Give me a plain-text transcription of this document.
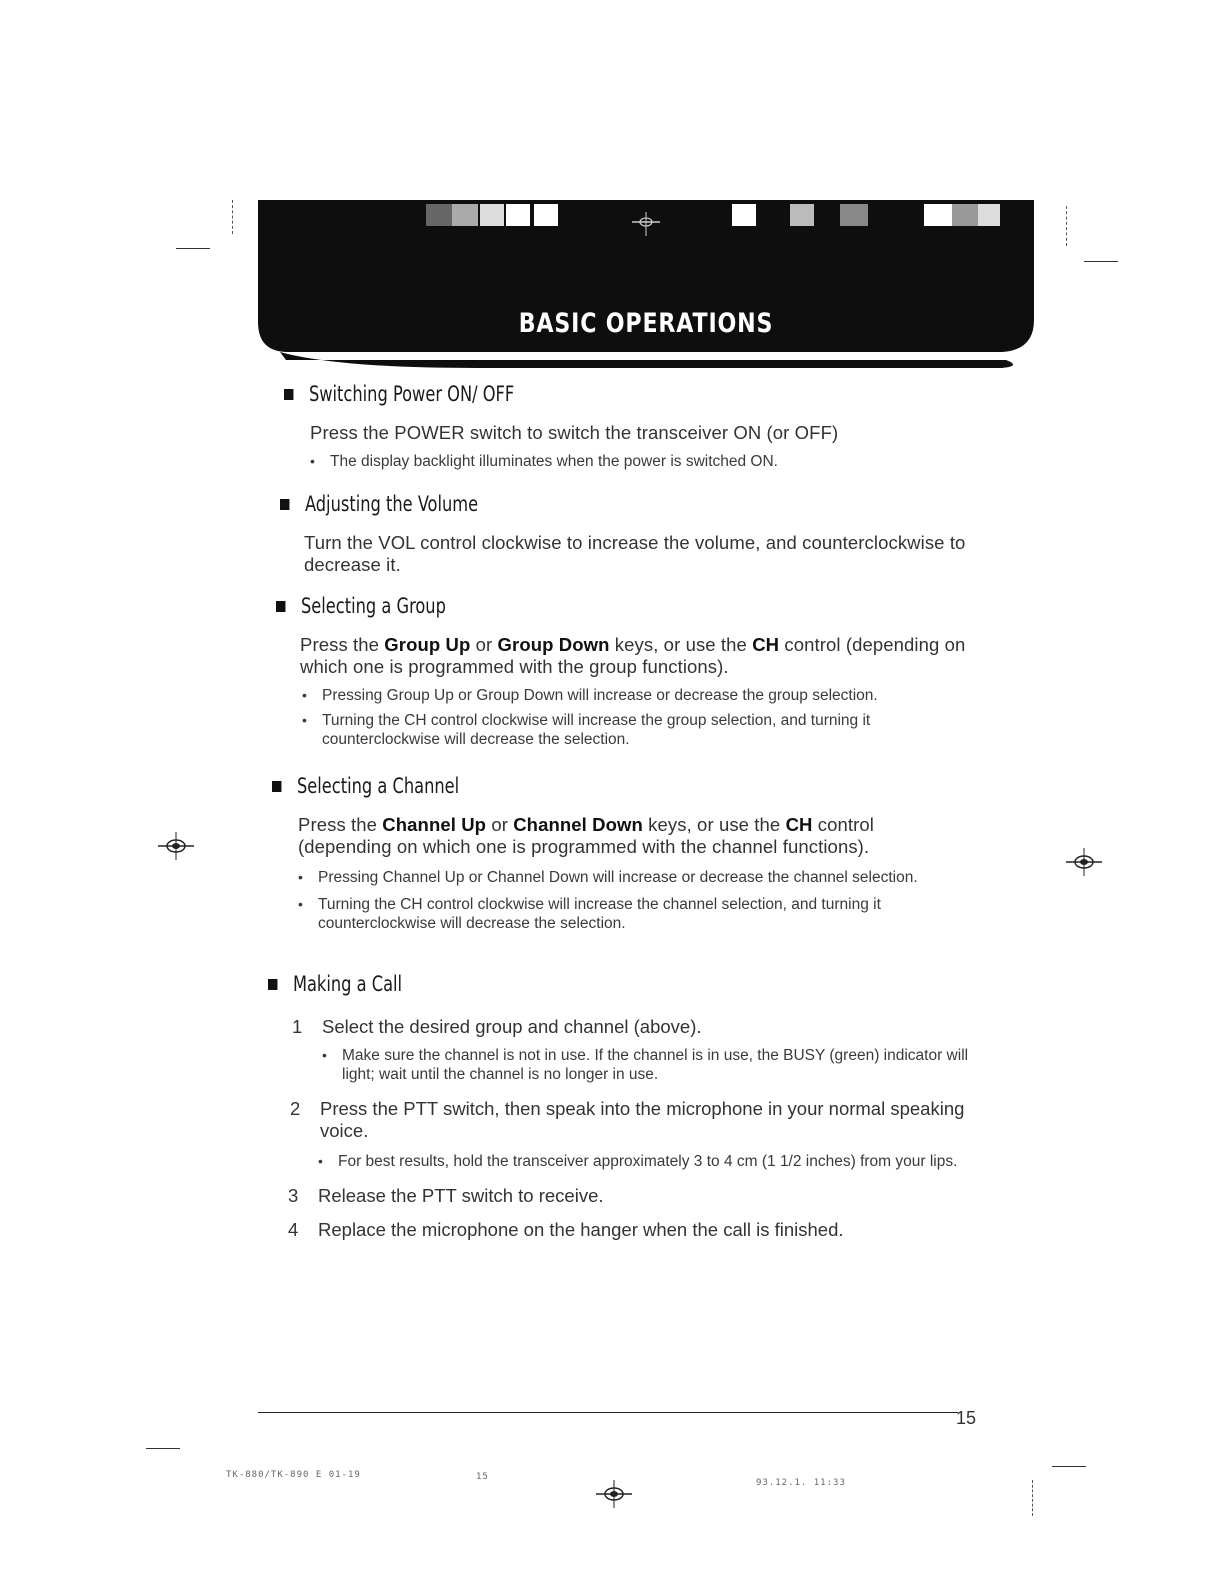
BASIC OPERATIONS
Switching Power ON/ OFF
Press the POWER switch to switch the transceiver ON (or OFF)
• The display backlight illuminates when the power is switched ON.
Adjusting the Volume
Turn the VOL control clockwise to increase the volume, and counterclockwise to decrease it.
Selecting a Group
Press the Group Up or Group Down keys, or use the CH control (depending on which one is programmed with the group functions).
• Pressing Group Up or Group Down will increase or decrease the group selection.
• Turning the CH control clockwise will increase the group selection, and turning it counterclockwise will decrease the selection.
Selecting a Channel
Press the Channel Up or Channel Down keys, or use the CH control (depending on which one is programmed with the channel functions).
• Pressing Channel Up or Channel Down will increase or decrease the channel selection.
• Turning the CH control clockwise will increase the channel selection, and turning it counterclockwise will decrease the selection.
Making a Call
1	Select the desired group and channel (above).
• Make sure the channel is not in use. If the channel is in use, the BUSY (green) indicator will light; wait until the channel is no longer in use.
2	Press the PTT switch, then speak into the microphone in your normal speaking voice.
• For best results, hold the transceiver approximately 3 to 4 cm (1 1/2 inches) from your lips.
3	Release the PTT switch to receive.
4	Replace the microphone on the hanger when the call is finished.
15
TK-880/TK-890 E 01-19	15
93.12.1. 11:33
